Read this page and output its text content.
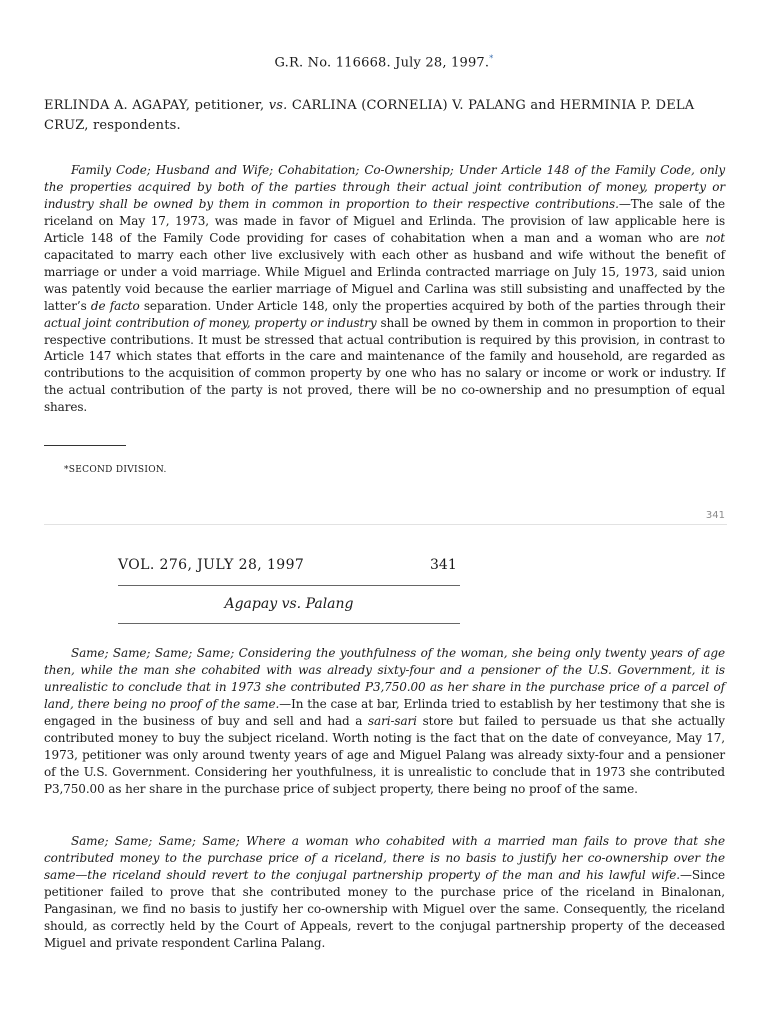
G.R. No. 116668. July 28, 1997.*

ERLINDA A. AGAPAY, petitioner, vs. CARLINA (CORNELIA) V. PALANG and HERMINIA P. DELA CRUZ, respondents.

Family Code; Husband and Wife; Cohabitation; Co-Ownership; Under Article 148 of the Family Code, only the properties acquired by both of the parties through their actual joint contribution of money, property or industry shall be owned by them in common in proportion to their respective contributions.—The sale of the riceland on May 17, 1973, was made in favor of Miguel and Erlinda. The provision of law applicable here is Article 148 of the Family Code providing for cases of cohabitation when a man and a woman who are not capacitated to marry each other live exclusively with each other as husband and wife without the benefit of marriage or under a void marriage. While Miguel and Erlinda contracted marriage on July 15, 1973, said union was patently void because the earlier marriage of Miguel and Carlina was still subsisting and unaffected by the latter’s de facto separation. Under Article 148, only the properties acquired by both of the parties through their actual joint contribution of money, property or industry shall be owned by them in common in proportion to their respective contributions. It must be stressed that actual contribution is required by this provision, in contrast to Article 147 which states that efforts in the care and maintenance of the family and household, are regarded as contributions to the acquisition of common property by one who has no salary or income or work or industry. If the actual contribution of the party is not proved, there will be no co-ownership and no presumption of equal shares.

*SECOND DIVISION.
341
VOL. 276, JULY 28, 1997	341
Agapay vs. Palang

Same; Same; Same; Same; Considering the youthfulness of the woman, she being only twenty years of age then, while the man she cohabited with was already sixty-four and a pensioner of the U.S. Government, it is unrealistic to conclude that in 1973 she contributed P3,750.00 as her share in the purchase price of a parcel of land, there being no proof of the same.—In the case at bar, Erlinda tried to establish by her testimony that she is engaged in the business of buy and sell and had a sari-sari store but failed to persuade us that she actually contributed money to buy the subject riceland. Worth noting is the fact that on the date of conveyance, May 17, 1973, petitioner was only around twenty years of age and Miguel Palang was already sixty-four and a pensioner of the U.S. Government. Considering her youthfulness, it is unrealistic to conclude that in 1973 she contributed P3,750.00 as her share in the purchase price of subject property, there being no proof of the same.

Same; Same; Same; Same; Where a woman who cohabited with a married man fails to prove that she contributed money to the purchase price of a riceland, there is no basis to justify her co-ownership over the same—the riceland should revert to the conjugal partnership property of the man and his lawful wife.—Since petitioner failed to prove that she contributed money to the purchase price of the riceland in Binalonan, Pangasinan, we find no basis to justify her co-ownership with Miguel over the same. Consequently, the riceland should, as correctly held by the Court of Appeals, revert to the conjugal partnership property of the deceased Miguel and private respondent Carlina Palang.
